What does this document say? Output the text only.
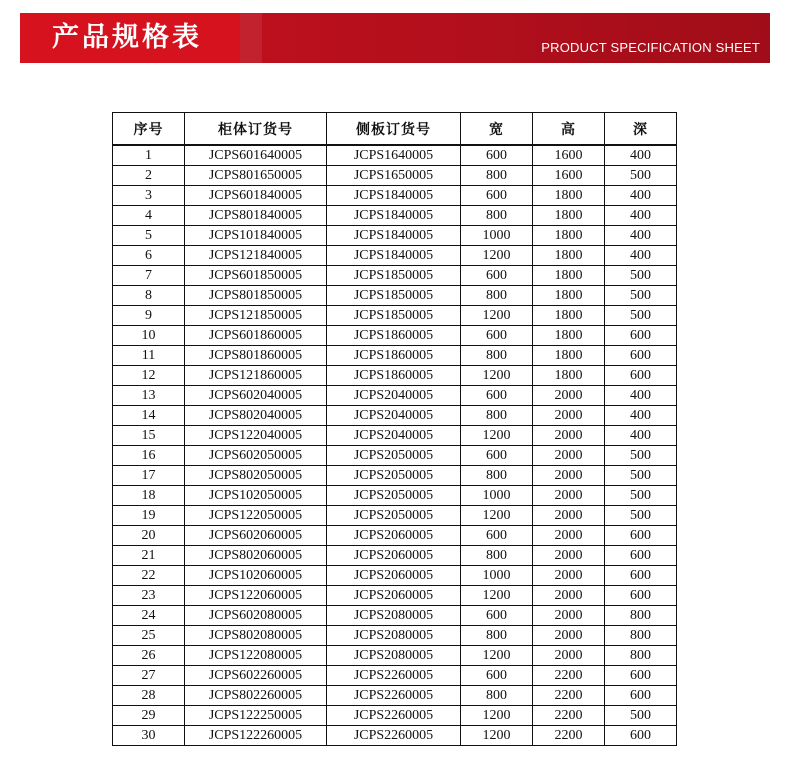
产品规格表	PRODUCT SPECIFICATION SHEET
序号	柜体订货号	侧板订货号	宽	高	深
1	JCPS601640005	JCPS1640005	600	1600	400
2	JCPS801650005	JCPS1650005	800	1600	500
3	JCPS601840005	JCPS1840005	600	1800	400
4	JCPS801840005	JCPS1840005	800	1800	400
5	JCPS101840005	JCPS1840005	1000	1800	400
6	JCPS121840005	JCPS1840005	1200	1800	400
7	JCPS601850005	JCPS1850005	600	1800	500
8	JCPS801850005	JCPS1850005	800	1800	500
9	JCPS121850005	JCPS1850005	1200	1800	500
10	JCPS601860005	JCPS1860005	600	1800	600
11	JCPS801860005	JCPS1860005	800	1800	600
12	JCPS121860005	JCPS1860005	1200	1800	600
13	JCPS602040005	JCPS2040005	600	2000	400
14	JCPS802040005	JCPS2040005	800	2000	400
15	JCPS122040005	JCPS2040005	1200	2000	400
16	JCPS602050005	JCPS2050005	600	2000	500
17	JCPS802050005	JCPS2050005	800	2000	500
18	JCPS102050005	JCPS2050005	1000	2000	500
19	JCPS122050005	JCPS2050005	1200	2000	500
20	JCPS602060005	JCPS2060005	600	2000	600
21	JCPS802060005	JCPS2060005	800	2000	600
22	JCPS102060005	JCPS2060005	1000	2000	600
23	JCPS122060005	JCPS2060005	1200	2000	600
24	JCPS602080005	JCPS2080005	600	2000	800
25	JCPS802080005	JCPS2080005	800	2000	800
26	JCPS122080005	JCPS2080005	1200	2000	800
27	JCPS602260005	JCPS2260005	600	2200	600
28	JCPS802260005	JCPS2260005	800	2200	600
29	JCPS122250005	JCPS2260005	1200	2200	500
30	JCPS122260005	JCPS2260005	1200	2200	600
